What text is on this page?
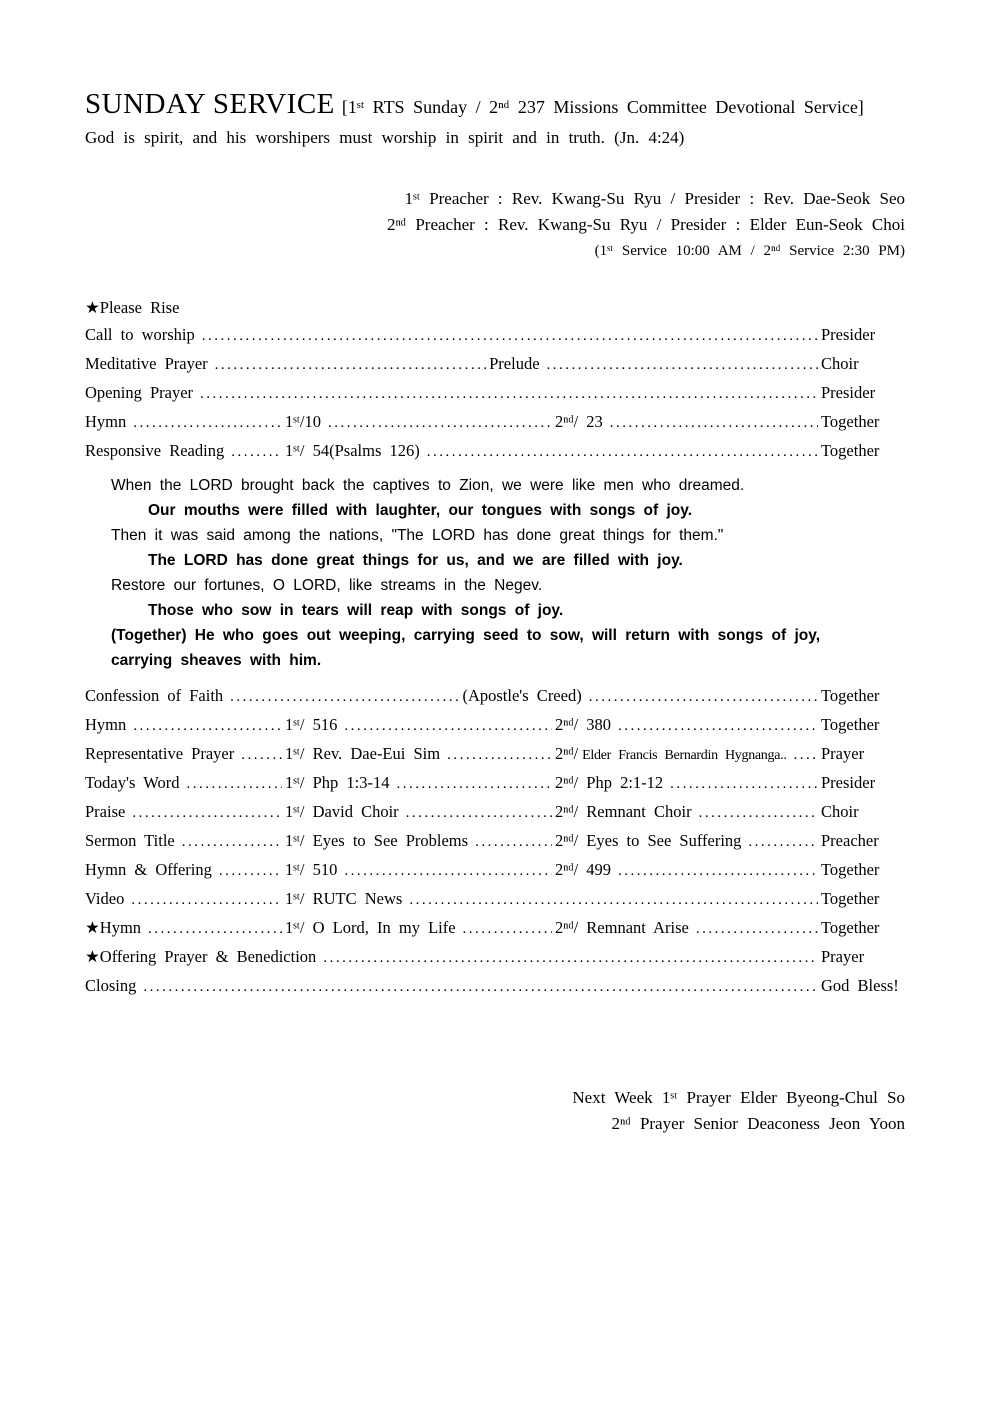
SUNDAY SERVICE [1ˢᵗ RTS Sunday / 2ⁿᵈ 237 Missions Committee Devotional Service]
God is spirit, and his worshipers must worship in spirit and in truth. (Jn. 4:24)
1ˢᵗ Preacher : Rev. Kwang-Su Ryu / Presider : Rev. Dae-Seok Seo
2ⁿᵈ Preacher : Rev. Kwang-Su Ryu / Presider : Elder Eun-Seok Choi
(1ˢᵗ Service 10:00 AM / 2ⁿᵈ Service 2:30 PM)
★Please Rise
Call to worship .....	Presider
Meditative Prayer .....	Prelude .....	Choir
Opening Prayer .....	Presider
Hymn .....	1ˢᵗ/10 .....	2ⁿᵈ/ 23 .....	Together
Responsive Reading .....	1ˢᵗ/ 54(Psalms 126) .....	Together
When the LORD brought back the captives to Zion, we were like men who dreamed.
Our mouths were filled with laughter, our tongues with songs of joy.
Then it was said among the nations, "The LORD has done great things for them."
The LORD has done great things for us, and we are filled with joy.
Restore our fortunes, O LORD, like streams in the Negev.
Those who sow in tears will reap with songs of joy.
(Together) He who goes out weeping, carrying seed to sow, will return with songs of joy,
carrying sheaves with him.
Confession of Faith .....	(Apostle's Creed) .....	Together
Hymn .....	1ˢᵗ/ 516 .....	2ⁿᵈ/ 380 .....	Together
Representative Prayer .....	1ˢᵗ/ Rev. Dae-Eui Sim .....	2ⁿᵈ/ Elder Francis Bernardin Hygnanga.. ..... Prayer
Today's Word .....	1ˢᵗ/ Php 1:3-14 .....	2ⁿᵈ/ Php 2:1-12 .....	Presider
Praise .....	1ˢᵗ/ David Choir .....	2ⁿᵈ/ Remnant Choir .....	Choir
Sermon Title .....	1ˢᵗ/ Eyes to See Problems .....	2ⁿᵈ/ Eyes to See Suffering .....	Preacher
Hymn & Offering .....	1ˢᵗ/ 510 .....	2ⁿᵈ/ 499 .....	Together
Video .....	1ˢᵗ/ RUTC News .....	Together
★Hymn .....	1ˢᵗ/ O Lord, In my Life .....	2ⁿᵈ/ Remnant Arise .....	Together
★Offering Prayer & Benediction .....	Prayer
Closing .....	God Bless!
Next Week 1ˢᵗ Prayer Elder Byeong-Chul So
2ⁿᵈ Prayer Senior Deaconess Jeon Yoon
